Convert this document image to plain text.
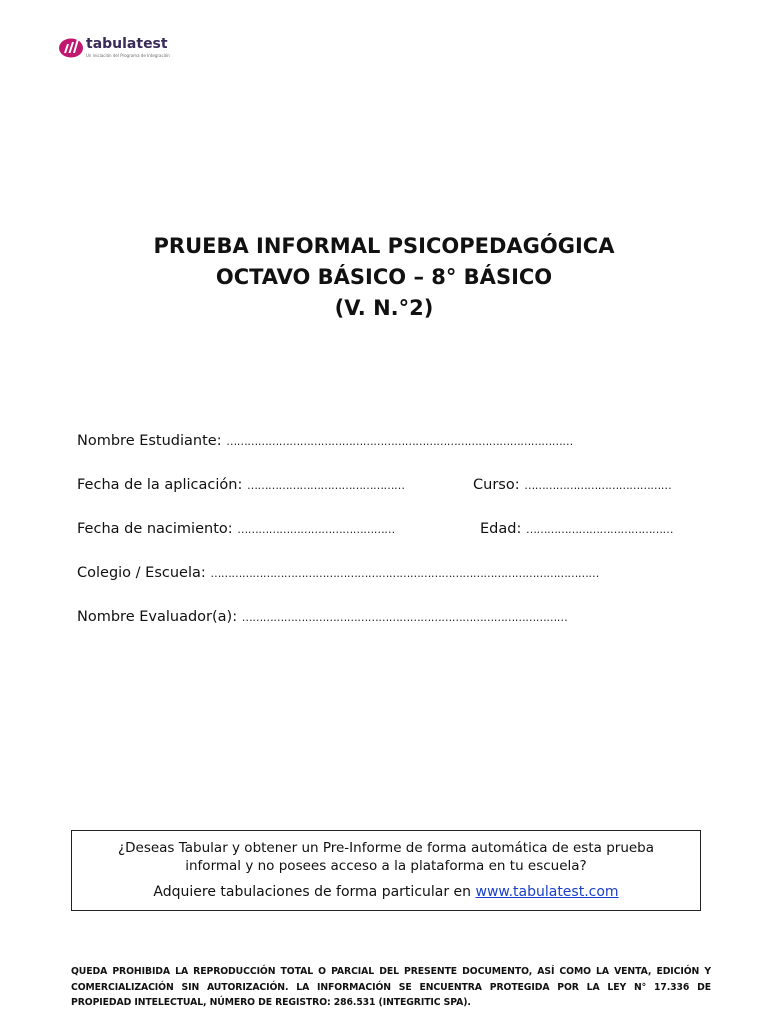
tabulatest
Un iniciación del Programa de Integración
PRUEBA INFORMAL PSICOPEDAGÓGICA
OCTAVO BÁSICO – 8° BÁSICO
(V. N.°2)
Nombre Estudiante: ………………………………………………………………………………………
Fecha de la aplicación: ………………………………………	Curso: ……………………………………
Fecha de nacimiento: ………………………………………	Edad: ……………………………………
Colegio / Escuela: …………………………………………………………………………………………………
Nombre Evaluador(a): …………………………………………………………………………………
¿Deseas Tabular y obtener un Pre-Informe de forma automática de esta prueba
informal y no posees acceso a la plataforma en tu escuela?
Adquiere tabulaciones de forma particular en www.tabulatest.com
QUEDA PROHIBIDA LA REPRODUCCIÓN TOTAL O PARCIAL DEL PRESENTE DOCUMENTO, ASÍ COMO LA VENTA, EDICIÓN Y COMERCIALIZACIÓN SIN AUTORIZACIÓN. LA INFORMACIÓN SE ENCUENTRA PROTEGIDA POR LA LEY N° 17.336 DE PROPIEDAD INTELECTUAL, NÚMERO DE REGISTRO: 286.531 (INTEGRITIC SPA).
